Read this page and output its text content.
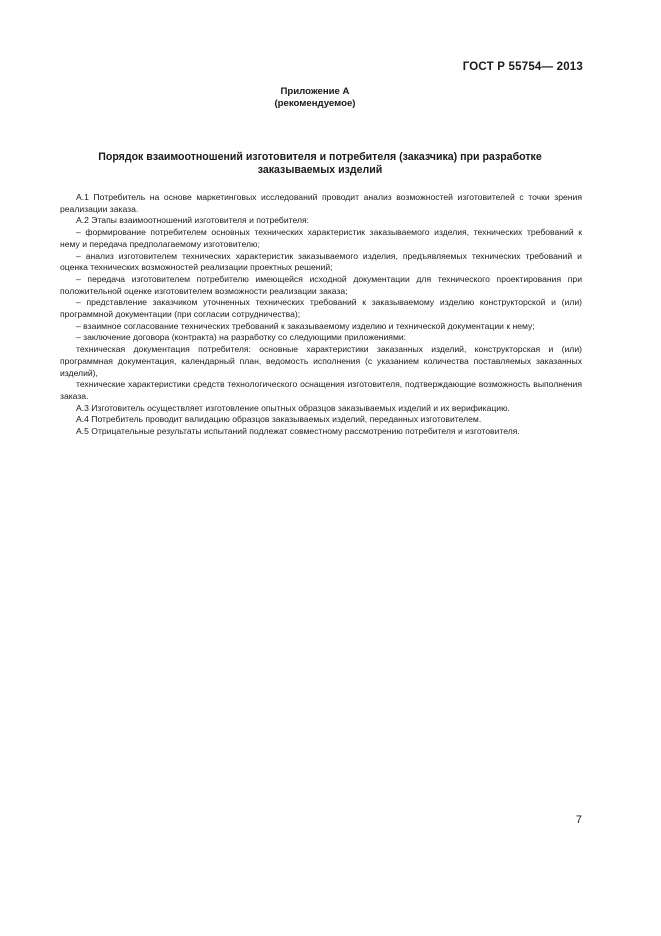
ГОСТ Р 55754— 2013
Приложение А
(рекомендуемое)
Порядок взаимоотношений изготовителя и потребителя (заказчика) при разработке
заказываемых изделий

А.1 Потребитель на основе маркетинговых исследований проводит анализ возможностей изготовителей с точки зрения реализации заказа.

А.2 Этапы взаимоотношений изготовителя и потребителя:

– формирование потребителем основных технических характеристик заказываемого изделия, технических требований к нему и передача предполагаемому изготовителю;

– анализ изготовителем технических характеристик заказываемого изделия, предъявляемых технических требований и оценка технических возможностей реализации проектных решений;

– передача изготовителем потребителю имеющейся исходной документации для технического проектирования при положительной оценке изготовителем возможности реализации заказа;

– представление заказчиком уточненных технических требований к заказываемому изделию конструкторской и (или) программной документации (при согласии сотрудничества);

– взаимное согласование технических требований к заказываемому изделию и технической документации к нему;

– заключение договора (контракта) на разработку со следующими приложениями:

техническая документация потребителя: основные характеристики заказанных изделий, конструкторская и (или) программная документация, календарный план, ведомость исполнения (с указанием количества поставляемых заказанных изделий),

технические характеристики средств технологического оснащения изготовителя, подтверждающие возможность выполнения заказа.

А.3 Изготовитель осуществляет изготовление опытных образцов заказываемых изделий и их верификацию.

А.4 Потребитель проводит валидацию образцов заказываемых изделий, переданных изготовителем.

А.5 Отрицательные результаты испытаний подлежат совместному рассмотрению потребителя и изготовителя.

7
